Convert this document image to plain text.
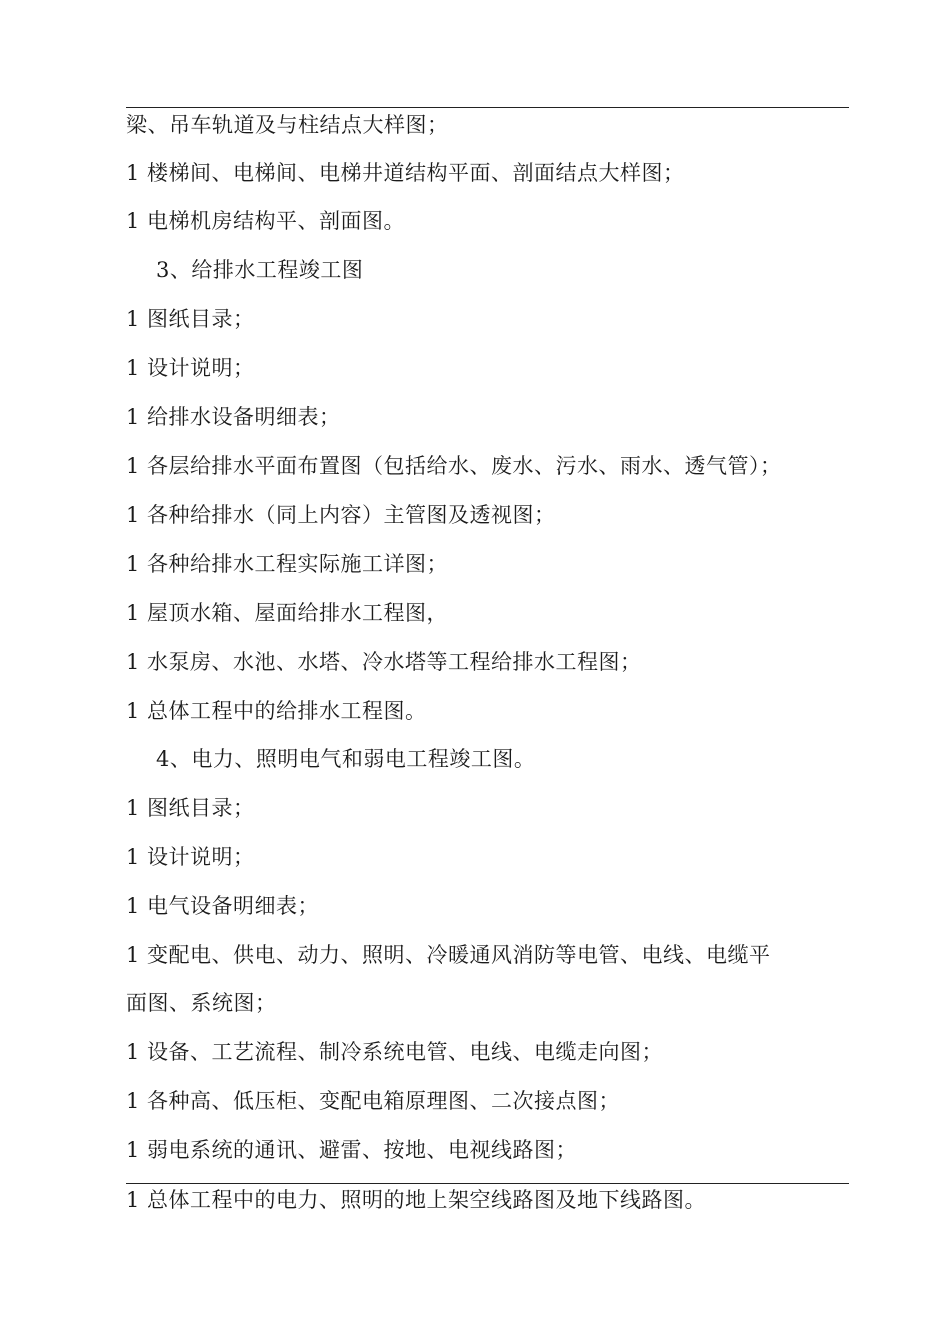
梁、吊车轨道及与柱结点大样图；
1 楼梯间、电梯间、电梯井道结构平面、剖面结点大样图；
1 电梯机房结构平、剖面图。
3、给排水工程竣工图
1 图纸目录；
1 设计说明；
1 给排水设备明细表；
1 各层给排水平面布置图（包括给水、废水、污水、雨水、透气管）；
1 各种给排水（同上内容）主管图及透视图；
1 各种给排水工程实际施工详图；
1 屋顶水箱、屋面给排水工程图，
1 水泵房、水池、水塔、冷水塔等工程给排水工程图；
1 总体工程中的给排水工程图。
4、电力、照明电气和弱电工程竣工图。
1 图纸目录；
1 设计说明；
1 电气设备明细表；
1 变配电、供电、动力、照明、冷暖通风消防等电管、电线、电缆平
面图、系统图；
1 设备、工艺流程、制冷系统电管、电线、电缆走向图；
1 各种高、低压柜、变配电箱原理图、二次接点图；
1 弱电系统的通讯、避雷、按地、电视线路图；
1 总体工程中的电力、照明的地上架空线路图及地下线路图。
